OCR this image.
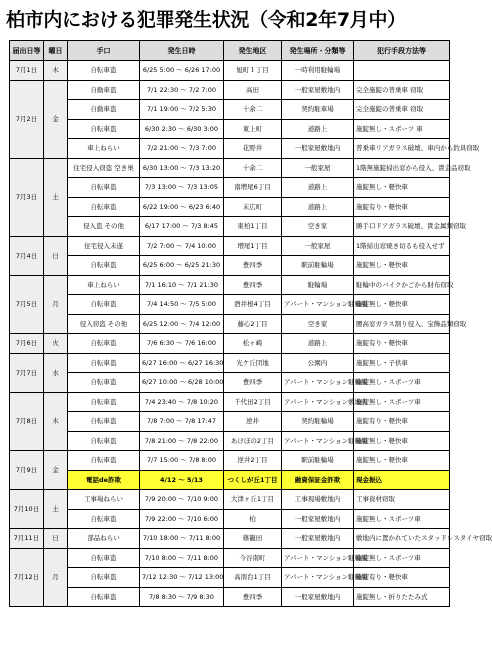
柏市内における犯罪発生状況（令和2年7月中）
届出日等	曜日	手口	発生日時	発生地区	発生場所・分類等	犯行手段方法等
7月1日	木	自転車盗	6/25 5:00 ～ 6/26 17:00	旭町１丁目	一時利用駐輪場	
7月2日	金	自動車盗	7/1 22:30 ～ 7/2 7:00	高田	一般家屋敷地内	完全施錠の普乗車 窃取
		自動車盗	7/1 19:00 ～ 7/2 5:30	十余二	契約駐車場	完全施錠の普乗車 窃取
		自転車盗	6/30 2:30 ～ 6/30 3:00	東上町	道路上	施錠無し・スポーツ 車
		車上ねらい	7/2 21:00 ～ 7/3 7:00	花野井	一般家屋敷地内	普乗車リアガラス破壊、車内から釣具窃取
7月3日	土	住宅侵入窃盗 空き巣	6/30 13:00 ～ 7/3 13:20	十余二	一般家屋	1階無施錠掃出窓から侵入、貴金品窃取
		自転車盗	7/3 13:00 ～ 7/3 13:05	南増尾6丁目	道路上	施錠無し・軽快車
		自転車盗	6/22 19:00 ～ 6/23 6:40	末広町	道路上	施錠有り・軽快車
		侵入盗 その他	6/17 17:00 ～ 7/3 8:45	東柏1丁目	空き家	勝手口ドアガラス破壊、貴金属類窃取
7月4日	日	住宅侵入未遂	7/2 7:00 ～ 7/4 10:00	増尾1丁目	一般家屋	1階掃出窓焼き切るも侵入せず
		自転車盗	6/25 6:00 ～ 6/25 21:30	豊四季	駅前駐輪場	施錠無し・軽快車
7月5日	月	車上ねらい	7/1 16:10 ～ 7/1 21:30	豊四季	駐輪場	駐輪中のバイクかごから財布窃取
		自転車盗	7/4 14:50 ～ 7/5 5:00	酒井根4丁目	アパート・マンション駐輪場	施錠無し・軽快車
		侵入窃盗 その他	6/25 12:00 ～ 7/4 12:00	藤心2丁目	空き家	腰高窓ガラス割り侵入、宝飾品類窃取
7月6日	火	自転車盗	7/6 6:30 ～ 7/6 16:00	松ヶ崎	道路上	施錠有り・軽快車
7月7日	水	自転車盗	6/27 16:00 ～ 6/27 16:30	光ケ丘団地	公園内	施錠無し・子供車
		自転車盗	6/27 10:00 ～ 6/28 10:00	豊四季	アパート・マンション駐輪場	施錠無し・スポーツ車
7月8日	木	自転車盗	7/4 23:40 ～ 7/8 10:20	千代田2丁目	アパート・マンション敷地内	施錠無し・スポーツ車
		自転車盗	7/8 7:00 ～ 7/8 17:47	逆井	契約駐輪場	施錠有り・軽快車
		自転車盗	7/8 21:00 ～ 7/8 22:00	あけぼの2丁目	アパート・マンション駐輪場	施錠無し・軽快車
7月9日	金	自転車盗	7/7 15:00 ～ 7/8 8:00	逆井2丁目	駅前駐輪場	施錠無し・軽快車
		電話de詐欺	4/12 ～ 5/13	つくしが丘1丁目	融資保証金詐欺	現金振込
7月10日	土	工事場ねらい	7/9 20:00 ～ 7/10 9:00	大津ヶ丘1丁目	工事現場敷地内	工事資材窃取
		自転車盗	7/9 22:00 ～ 7/10 6:00	柏	一般家屋敷地内	施錠無し・スポーツ車
7月11日	日	部品ねらい	7/10 18:00 ～ 7/11 8:00	篠籠田	一般家屋敷地内	敷地内に置かれていたスタッドレスタイヤ窃取
7月12日	月	自転車盗	7/10 8:00 ～ 7/11 8:00	今谷南町	アパート・マンション駐輪場	施錠無し・スポーツ車
		自転車盗	7/12 12:30 ～ 7/12 13:00	高南台1丁目	アパート・マンション駐輪場	施錠有り・軽快車
		自転車盗	7/8 8:30 ～ 7/9 8:30	豊四季	一般家屋敷地内	施錠無し・折りたたみ式
